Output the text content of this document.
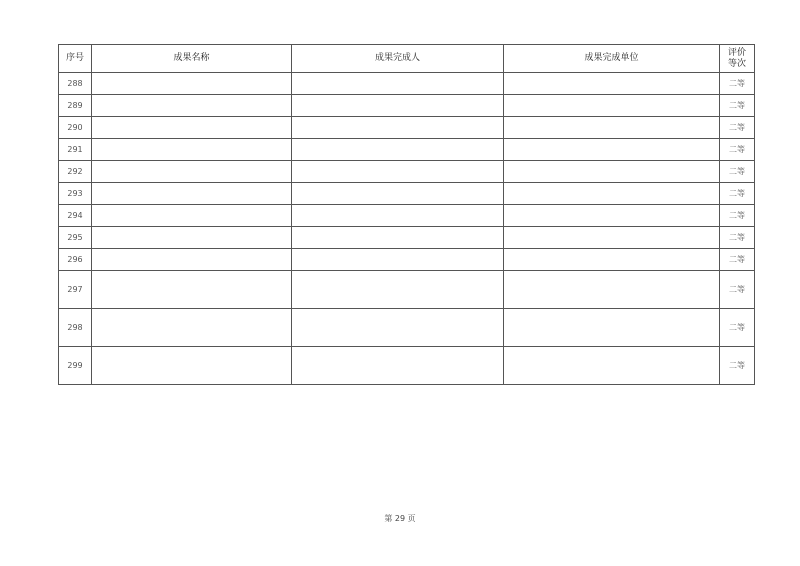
序号	成果名称	成果完成人	成果完成单位	评价等次
288				二等
289				二等
290				二等
291				二等
292				二等
293				二等
294				二等
295				二等
296				二等
297				二等
298				二等
299				二等
第 29 页
